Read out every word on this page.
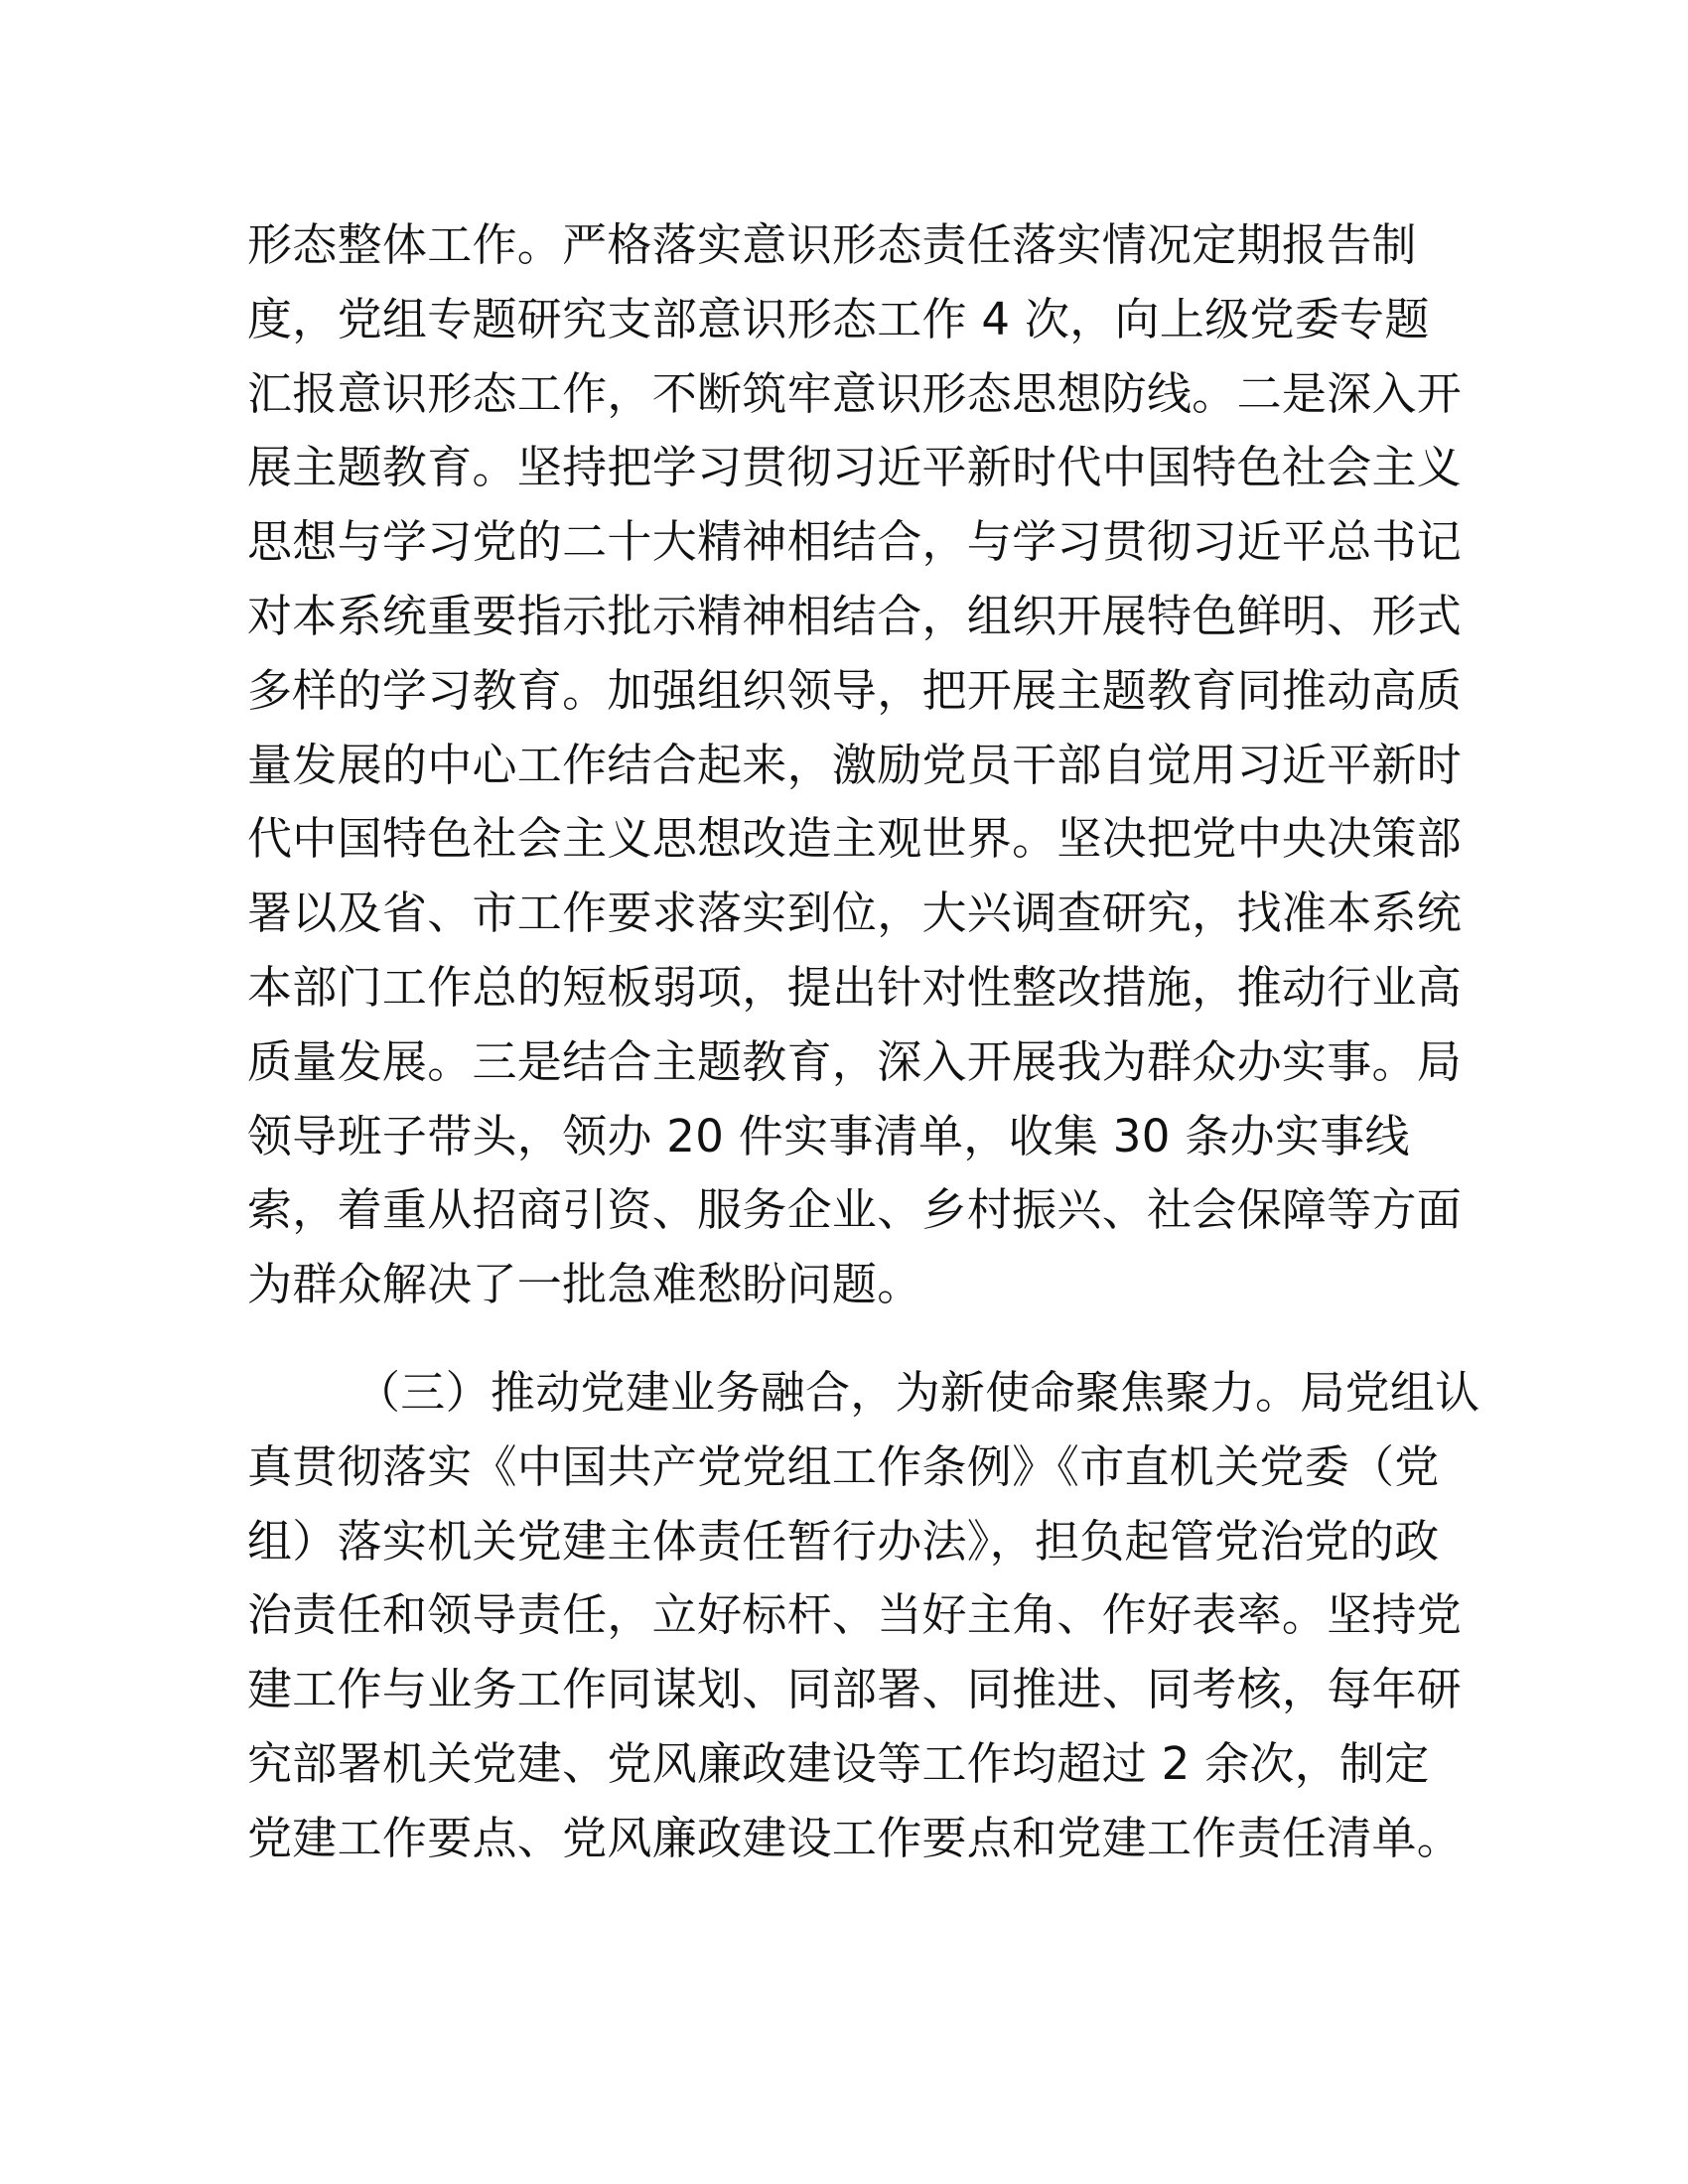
形态整体工作。严格落实意识形态责任落实情况定期报告制
度，党组专题研究支部意识形态工作 4 次，向上级党委专题
汇报意识形态工作，不断筑牢意识形态思想防线。二是深入开
展主题教育。坚持把学习贯彻习近平新时代中国特色社会主义
思想与学习党的二十大精神相结合，与学习贯彻习近平总书记
对本系统重要指示批示精神相结合，组织开展特色鲜明、形式
多样的学习教育。加强组织领导，把开展主题教育同推动高质
量发展的中心工作结合起来，激励党员干部自觉用习近平新时
代中国特色社会主义思想改造主观世界。坚决把党中央决策部
署以及省、市工作要求落实到位，大兴调查研究，找准本系统
本部门工作总的短板弱项，提出针对性整改措施，推动行业高
质量发展。三是结合主题教育，深入开展我为群众办实事。局
领导班子带头，领办 20 件实事清单，收集 30 条办实事线
索，着重从招商引资、服务企业、乡村振兴、社会保障等方面
为群众解决了一批急难愁盼问题。
（三）推动党建业务融合，为新使命聚焦聚力。局党组认
真贯彻落实《中国共产党党组工作条例》《市直机关党委（党
组）落实机关党建主体责任暂行办法》，担负起管党治党的政
治责任和领导责任，立好标杆、当好主角、作好表率。坚持党
建工作与业务工作同谋划、同部署、同推进、同考核，每年研
究部署机关党建、党风廉政建设等工作均超过 2 余次，制定
党建工作要点、党风廉政建设工作要点和党建工作责任清单。
